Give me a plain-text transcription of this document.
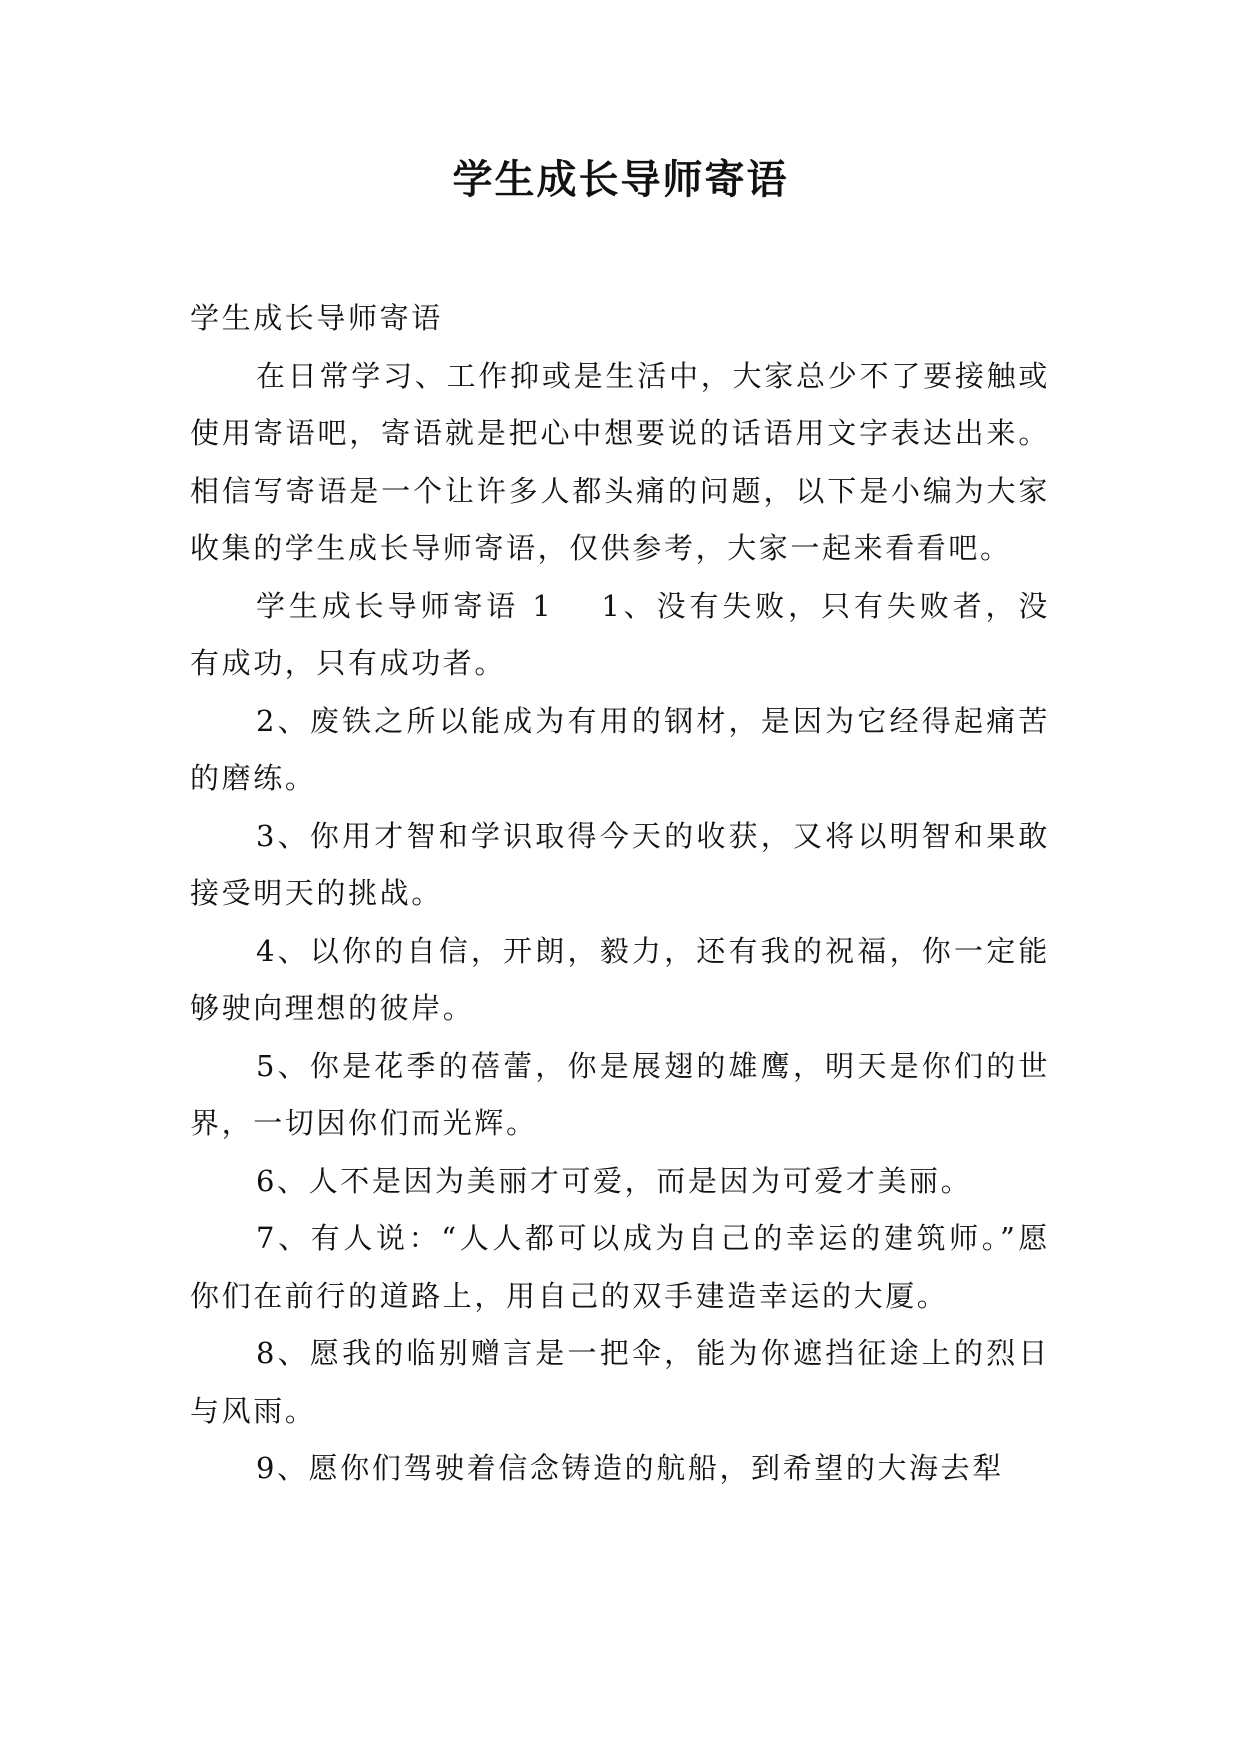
学生成长导师寄语

学生成长导师寄语

在日常学习、工作抑或是生活中，大家总少不了要接触或使用寄语吧，寄语就是把心中想要说的话语用文字表达出来。相信写寄语是一个让许多人都头痛的问题，以下是小编为大家收集的学生成长导师寄语，仅供参考，大家一起来看看吧。

学生成长导师寄语 1 1、没有失败，只有失败者，没有成功，只有成功者。

2、废铁之所以能成为有用的钢材，是因为它经得起痛苦的磨练。

3、你用才智和学识取得今天的收获，又将以明智和果敢接受明天的挑战。

4、以你的自信，开朗，毅力，还有我的祝福，你一定能够驶向理想的彼岸。

5、你是花季的蓓蕾，你是展翅的雄鹰，明天是你们的世界，一切因你们而光辉。

6、人不是因为美丽才可爱，而是因为可爱才美丽。

7、有人说：“人人都可以成为自己的幸运的建筑师。”愿你们在前行的道路上，用自己的双手建造幸运的大厦。

8、愿我的临别赠言是一把伞，能为你遮挡征途上的烈日与风雨。

9、愿你们驾驶着信念铸造的航船，到希望的大海去犁
